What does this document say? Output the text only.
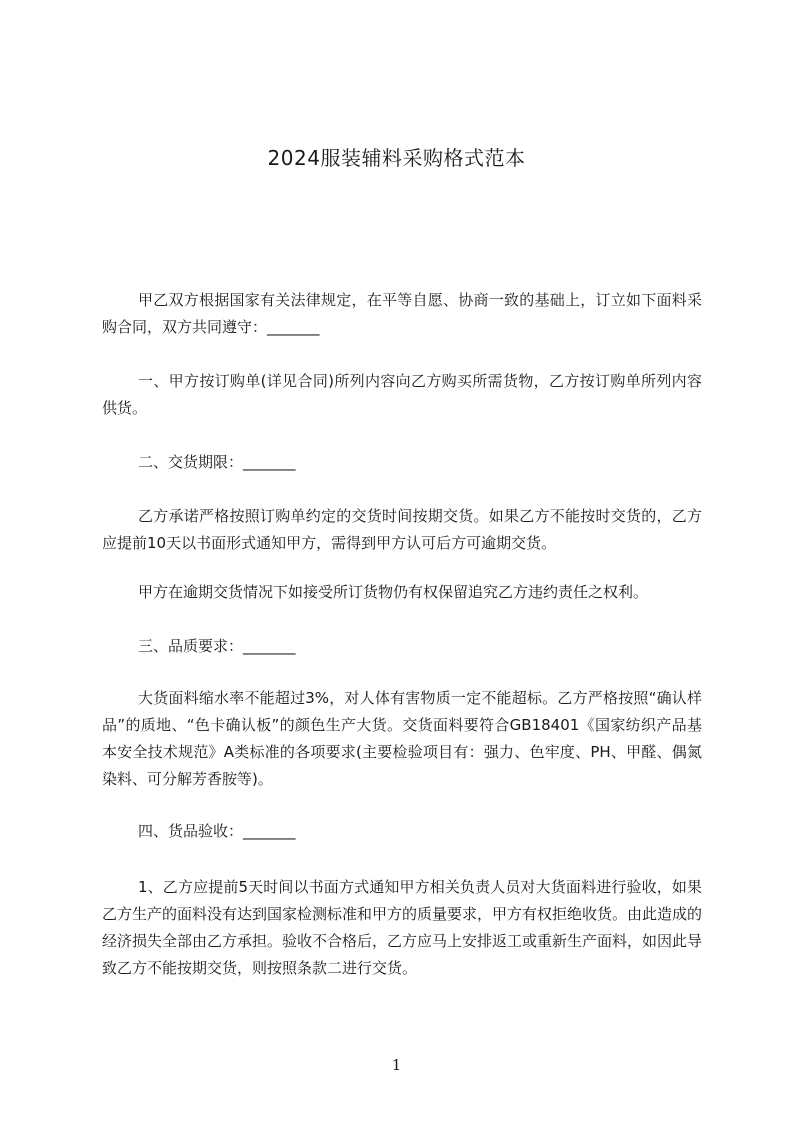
2024服装辅料采购格式范本
甲乙双方根据国家有关法律规定，在平等自愿、协商一致的基础上，订立如下面料采购合同，双方共同遵守：_______
一、甲方按订购单(详见合同)所列内容向乙方购买所需货物，乙方按订购单所列内容供货。
二、交货期限：_______
乙方承诺严格按照订购单约定的交货时间按期交货。如果乙方不能按时交货的，乙方应提前10天以书面形式通知甲方，需得到甲方认可后方可逾期交货。
甲方在逾期交货情况下如接受所订货物仍有权保留追究乙方违约责任之权利。
三、品质要求：_______
大货面料缩水率不能超过3%，对人体有害物质一定不能超标。乙方严格按照“确认样品”的质地、“色卡确认板”的颜色生产大货。交货面料要符合GB18401《国家纺织产品基本安全技术规范》A类标准的各项要求(主要检验项目有：强力、色牢度、PH、甲醛、偶氮染料、可分解芳香胺等)。
四、货品验收：_______
1、乙方应提前5天时间以书面方式通知甲方相关负责人员对大货面料进行验收，如果乙方生产的面料没有达到国家检测标准和甲方的质量要求，甲方有权拒绝收货。由此造成的经济损失全部由乙方承担。验收不合格后，乙方应马上安排返工或重新生产面料，如因此导致乙方不能按期交货，则按照条款二进行交货。
1
